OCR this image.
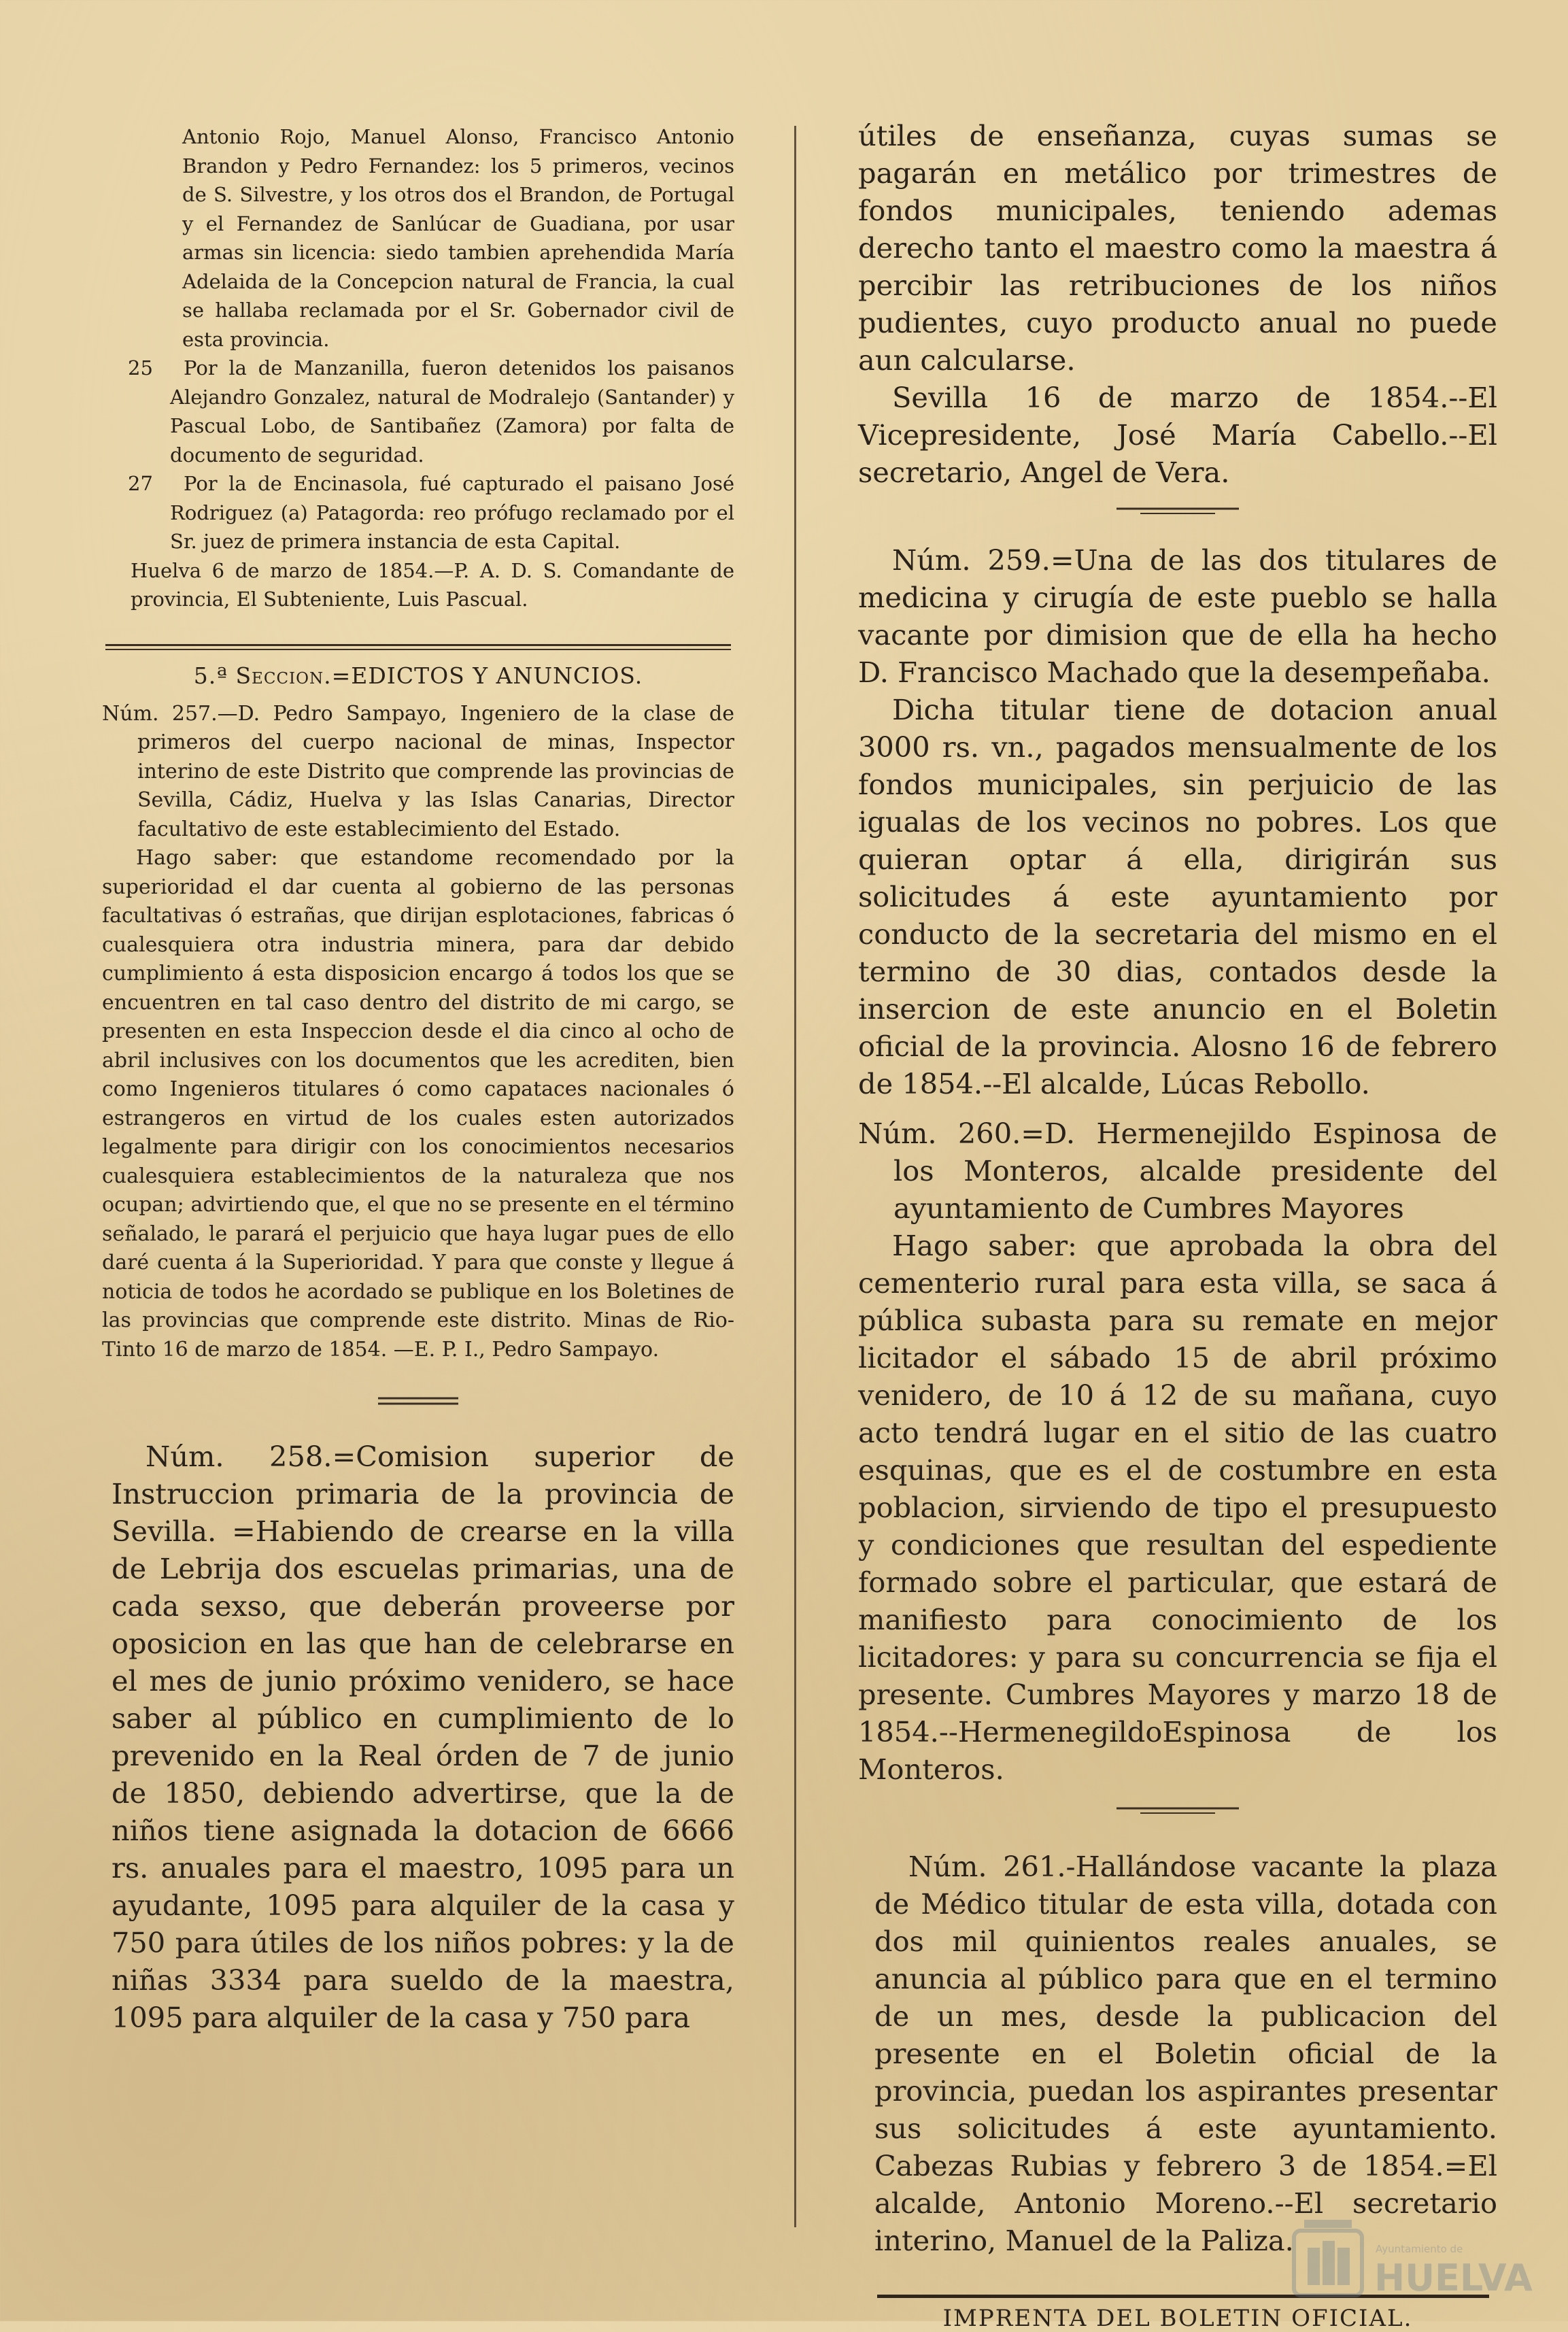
Antonio Rojo, Manuel Alonso, Francisco Antonio Brandon y Pedro Fernandez: los 5 primeros, vecinos de S. Silvestre, y los otros dos el Brandon, de Portugal y el Fernandez de Sanlúcar de Guadiana, por usar armas sin licencia: siedo tambien aprehendida María Adelaida de la Concepcion natural de Francia, la cual se hallaba reclamada por el Sr. Gobernador civil de esta provincia.

25	Por la de Manzanilla, fueron detenidos los paisanos Alejandro Gonzalez, natural de Modralejo (Santander) y Pascual Lobo, de Santibañez (Zamora) por falta de documento de seguridad.

27	Por la de Encinasola, fué capturado el paisano José Rodriguez (a) Patagorda: reo prófugo reclamado por el Sr. juez de primera instancia de esta Capital.

Huelva 6 de marzo de 1854.—P. A. D. S. Comandante de provincia, El Subteniente, Luis Pascual.

5.ª Seccion.=EDICTOS Y ANUNCIOS.

Núm. 257.—D. Pedro Sampayo, Ingeniero de la clase de primeros del cuerpo nacional de minas, Inspector interino de este Distrito que comprende las provincias de Sevilla, Cádiz, Huelva y las Islas Canarias, Director facultativo de este establecimiento del Estado.

Hago saber: que estandome recomendado por la superioridad el dar cuenta al gobierno de las personas facultativas ó estrañas, que dirijan esplotaciones, fabricas ó cualesquiera otra industria minera, para dar debido cumplimiento á esta disposicion encargo á todos los que se encuentren en tal caso dentro del distrito de mi cargo, se presenten en esta Inspeccion desde el dia cinco al ocho de abril inclusives con los documentos que les acrediten, bien como Ingenieros titulares ó como capataces nacionales ó estrangeros en virtud de los cuales esten autorizados legalmente para dirigir con los conocimientos necesarios cualesquiera establecimientos de la naturaleza que nos ocupan; advirtiendo que, el que no se presente en el término señalado, le parará el perjuicio que haya lugar pues de ello daré cuenta á la Superioridad. Y para que conste y llegue á noticia de todos he acordado se publique en los Boletines de las provincias que comprende este distrito. Minas de Rio-Tinto 16 de marzo de 1854. —E. P. I., Pedro Sampayo.

Núm. 258.=Comision superior de Instruccion primaria de la provincia de Sevilla. =Habiendo de crearse en la villa de Lebrija dos escuelas primarias, una de cada sexso, que deberán proveerse por oposicion en las que han de celebrarse en el mes de junio próximo venidero, se hace saber al público en cumplimiento de lo prevenido en la Real órden de 7 de junio de 1850, debiendo advertirse, que la de niños tiene asignada la dotacion de 6666 rs. anuales para el maestro, 1095 para un ayudante, 1095 para alquiler de la casa y 750 para útiles de los niños pobres: y la de niñas 3334 para sueldo de la maestra, 1095 para alquiler de la casa y 750 para

útiles de enseñanza, cuyas sumas se pagarán en metálico por trimestres de fondos municipales, teniendo ademas derecho tanto el maestro como la maestra á percibir las retribuciones de los niños pudientes, cuyo producto anual no puede aun calcularse.

Sevilla 16 de marzo de 1854.--El Vicepresidente, José María Cabello.--El secretario, Angel de Vera.

Núm. 259.=Una de las dos titulares de medicina y cirugía de este pueblo se halla vacante por dimision que de ella ha hecho D. Francisco Machado que la desempeñaba.

Dicha titular tiene de dotacion anual 3000 rs. vn., pagados mensualmente de los fondos municipales, sin perjuicio de las igualas de los vecinos no pobres. Los que quieran optar á ella, dirigirán sus solicitudes á este ayuntamiento por conducto de la secretaria del mismo en el termino de 30 dias, contados desde la insercion de este anuncio en el Boletin oficial de la provincia. Alosno 16 de febrero de 1854.--El alcalde, Lúcas Rebollo.

Núm. 260.=D. Hermenejildo Espinosa de los Monteros, alcalde presidente del ayuntamiento de Cumbres Mayores

Hago saber: que aprobada la obra del cementerio rural para esta villa, se saca á pública subasta para su remate en mejor licitador el sábado 15 de abril próximo venidero, de 10 á 12 de su mañana, cuyo acto tendrá lugar en el sitio de las cuatro esquinas, que es el de costumbre en esta poblacion, sirviendo de tipo el presupuesto y condiciones que resultan del espediente formado sobre el particular, que estará de manifiesto para conocimiento de los licitadores: y para su concurrencia se fija el presente. Cumbres Mayores y marzo 18 de 1854.--HermenegildoEspinosa de los Monteros.

Núm. 261.-Hallándose vacante la plaza de Médico titular de esta villa, dotada con dos mil quinientos reales anuales, se anuncia al público para que en el termino de un mes, desde la publicacion del presente en el Boletin oficial de la provincia, puedan los aspirantes presentar sus solicitudes á este ayuntamiento. Cabezas Rubias y febrero 3 de 1854.=El alcalde, Antonio Moreno.--El secretario interino, Manuel de la Paliza.

IMPRENTA DEL BOLETIN OFICIAL.
Ayuntamiento de
HUELVA
